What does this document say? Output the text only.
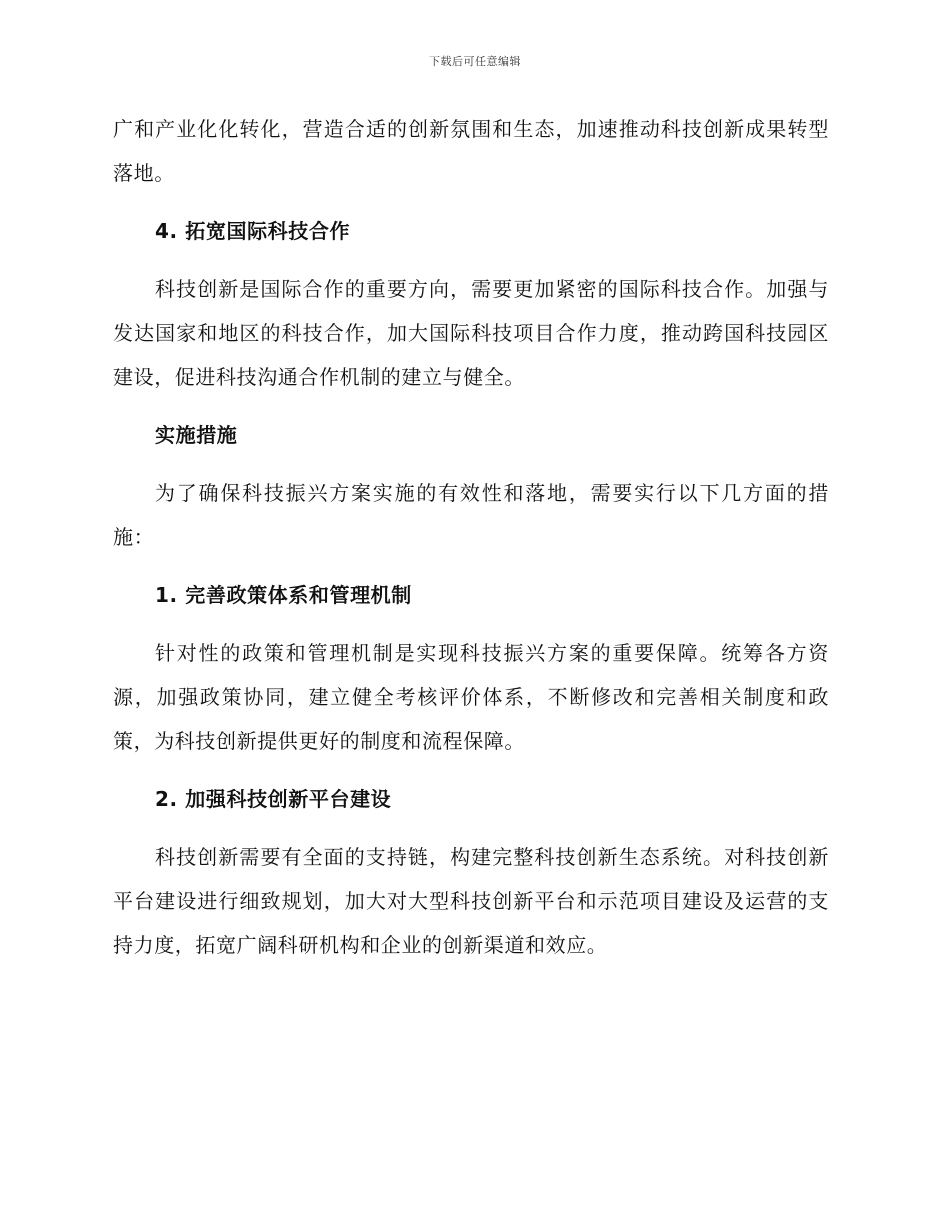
下载后可任意编辑

广和产业化化转化，营造合适的创新氛围和生态，加速推动科技创新成果转型落地。

4. 拓宽国际科技合作

科技创新是国际合作的重要方向，需要更加紧密的国际科技合作。加强与发达国家和地区的科技合作，加大国际科技项目合作力度，推动跨国科技园区建设，促进科技沟通合作机制的建立与健全。

实施措施

为了确保科技振兴方案实施的有效性和落地，需要实行以下几方面的措施：

1. 完善政策体系和管理机制

针对性的政策和管理机制是实现科技振兴方案的重要保障。统筹各方资源，加强政策协同，建立健全考核评价体系，不断修改和完善相关制度和政策，为科技创新提供更好的制度和流程保障。

2. 加强科技创新平台建设

科技创新需要有全面的支持链，构建完整科技创新生态系统。对科技创新平台建设进行细致规划，加大对大型科技创新平台和示范项目建设及运营的支持力度，拓宽广阔科研机构和企业的创新渠道和效应。
